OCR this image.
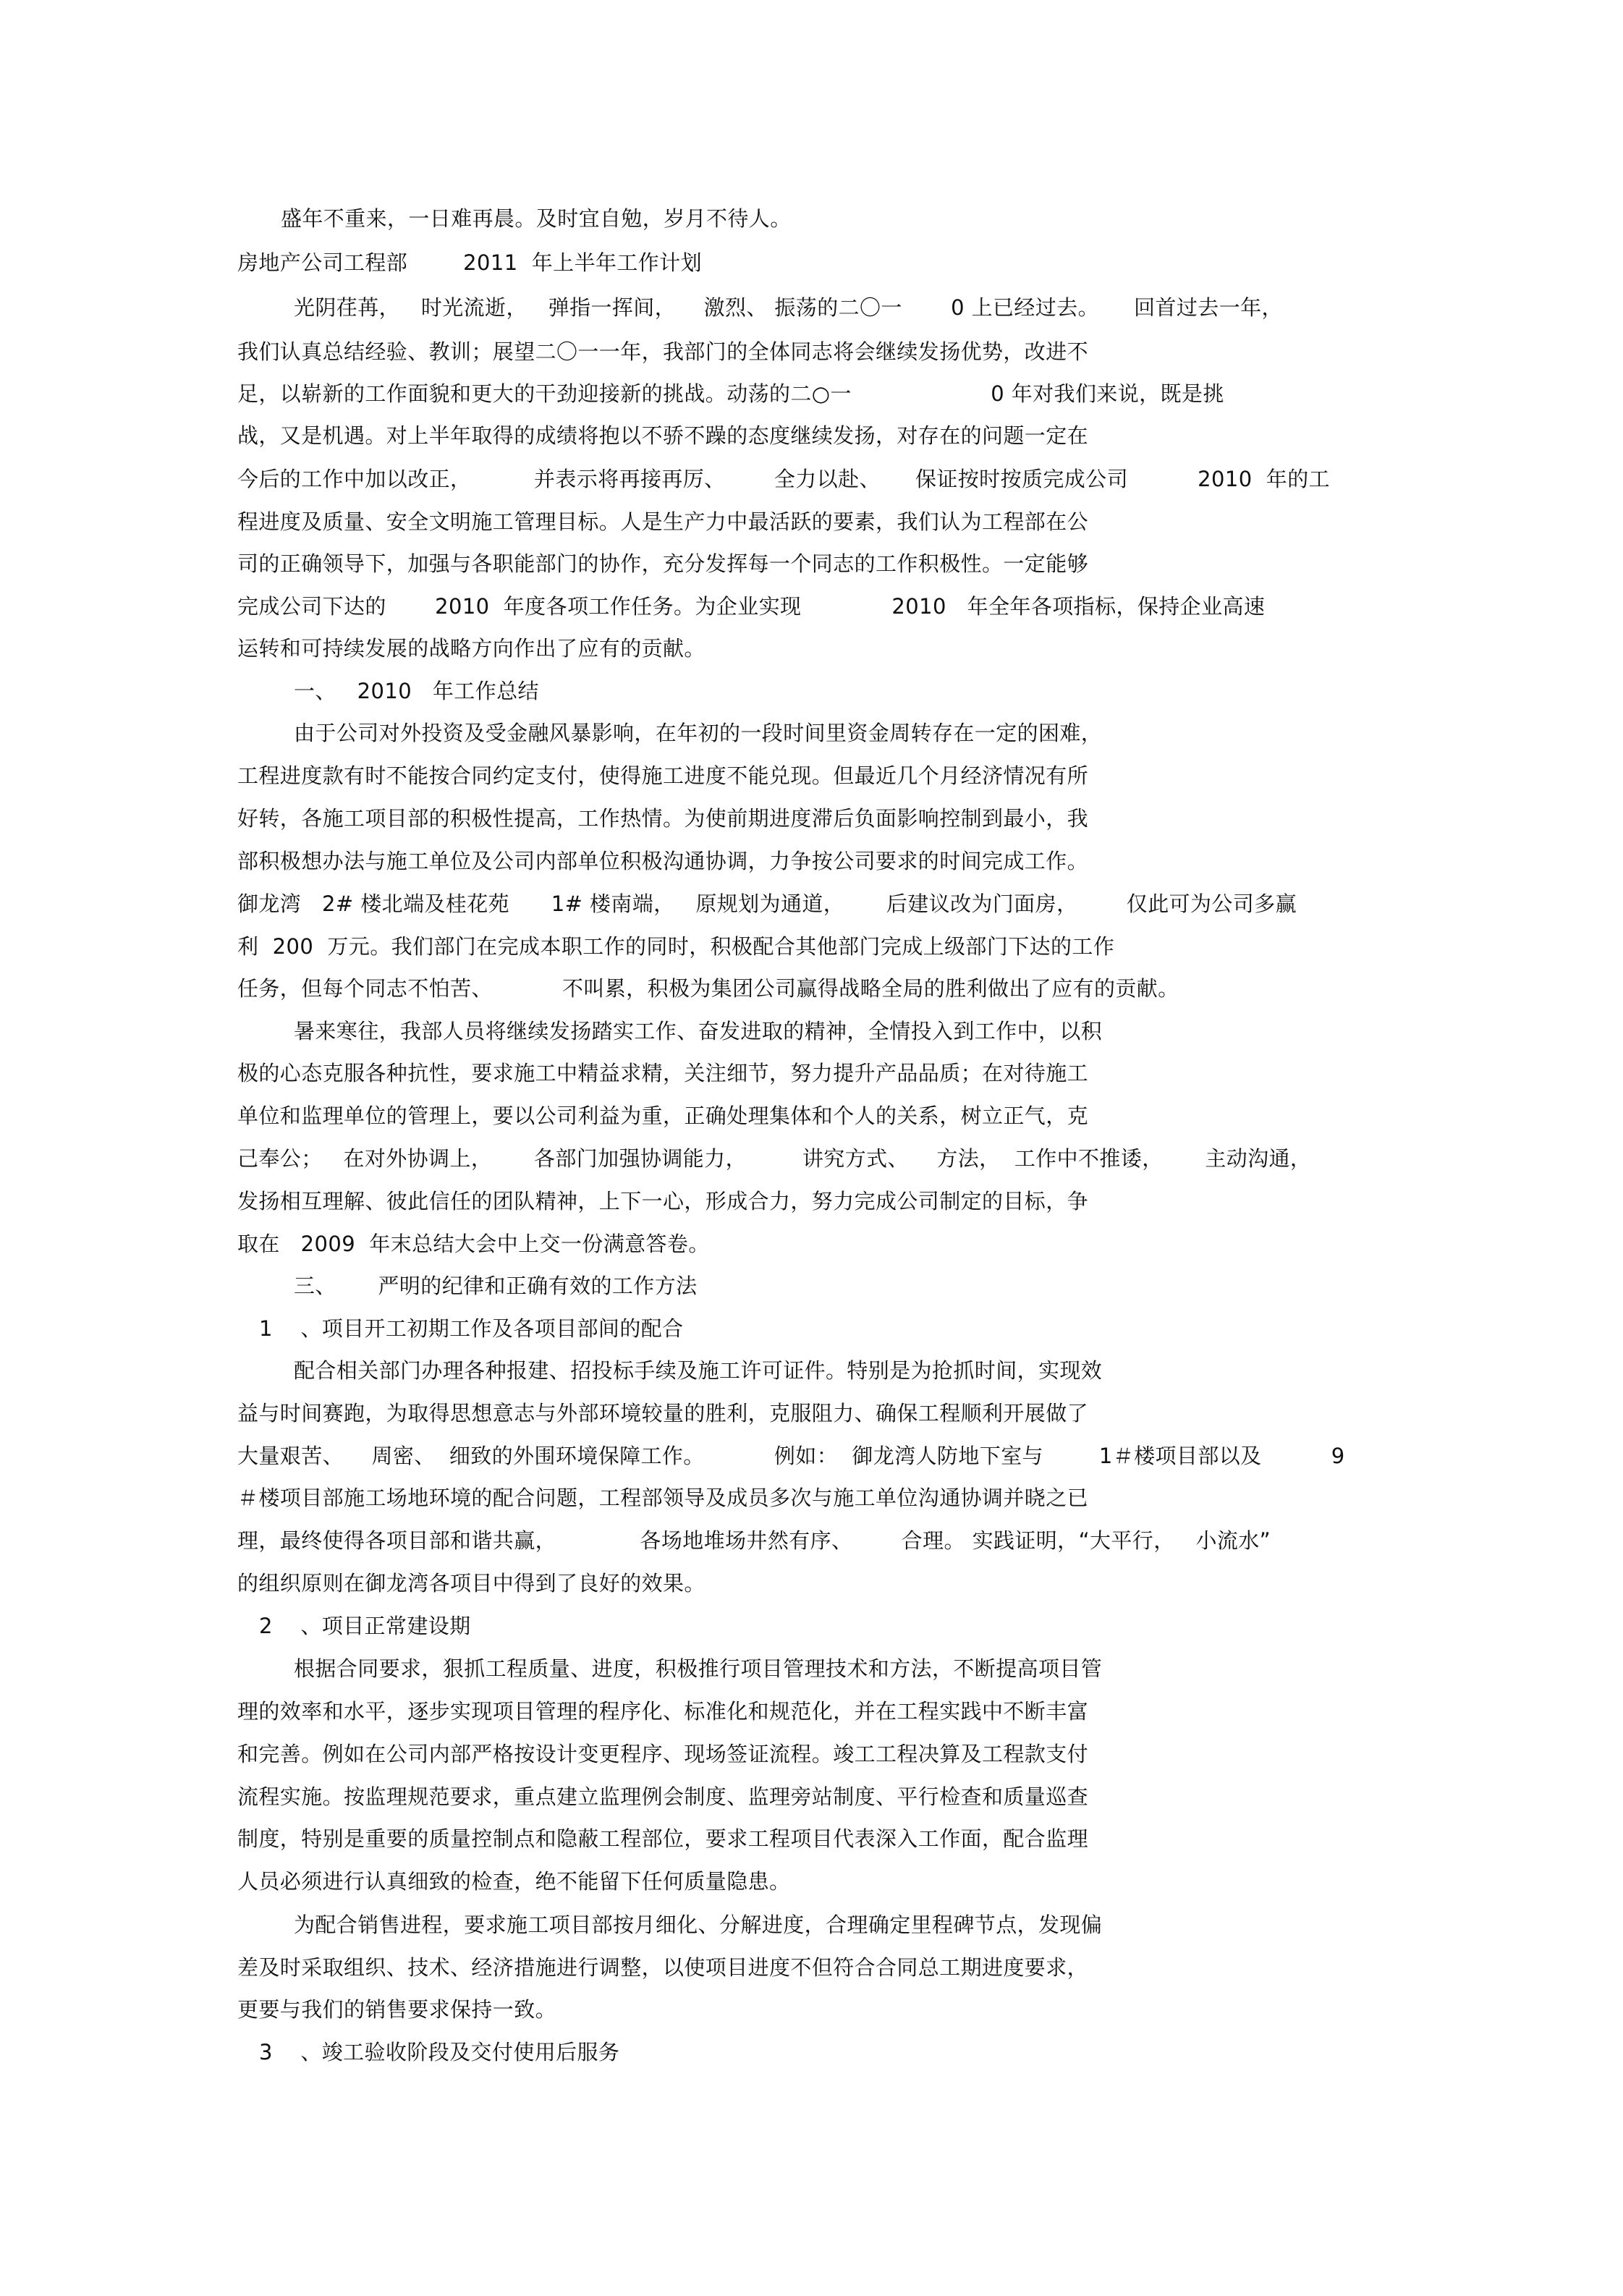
盛年不重来，一日难再晨。及时宜自勉，岁月不待人。
房地产公司工程部        2011  年上半年工作计划
光阴荏苒，   时光流逝，   弹指一挥间，    激烈、 振荡的二〇一       0 上已经过去。     回首过去一年，
我们认真总结经验、教训；展望二〇一一年，我部门的全体同志将会继续发扬优势，改进不
足，以崭新的工作面貌和更大的干劲迎接新的挑战。动荡的二○一                    0 年对我们来说，既是挑
战，又是机遇。对上半年取得的成绩将抱以不骄不躁的态度继续发扬，对存在的问题一定在
今后的工作中加以改正，         并表示将再接再厉、       全力以赴、     保证按时按质完成公司          2010  年的工
程进度及质量、安全文明施工管理目标。人是生产力中最活跃的要素，我们认为工程部在公
司的正确领导下，加强与各职能部门的协作，充分发挥每一个同志的工作积极性。一定能够
完成公司下达的       2010  年度各项工作任务。为企业实现             2010   年全年各项指标，保持企业高速
运转和可持续发展的战略方向作出了应有的贡献。
一、   2010   年工作总结
由于公司对外投资及受金融风暴影响，在年初的一段时间里资金周转存在一定的困难，
工程进度款有时不能按合同约定支付，使得施工进度不能兑现。但最近几个月经济情况有所
好转，各施工项目部的积极性提高，工作热情。为使前期进度滞后负面影响控制到最小，我
部积极想办法与施工单位及公司内部单位积极沟通协调，力争按公司要求的时间完成工作。
御龙湾   2# 楼北端及桂花苑      1# 楼南端，   原规划为通道，      后建议改为门面房，       仅此可为公司多赢
利  200  万元。我们部门在完成本职工作的同时，积极配合其他部门完成上级部门下达的工作
任务，但每个同志不怕苦、          不叫累，积极为集团公司赢得战略全局的胜利做出了应有的贡献。
暑来寒往，我部人员将继续发扬踏实工作、奋发进取的精神，全情投入到工作中，以积
极的心态克服各种抗性，要求施工中精益求精，关注细节，努力提升产品品质；在对待施工
单位和监理单位的管理上，要以公司利益为重，正确处理集体和个人的关系，树立正气，克
己奉公；   在对外协调上，      各部门加强协调能力，        讲究方式、    方法，  工作中不推诿，      主动沟通，
发扬相互理解、彼此信任的团队精神，上下一心，形成合力，努力完成公司制定的目标，争
取在   2009  年末总结大会中上交一份满意答卷。
三、      严明的纪律和正确有效的工作方法
1    、项目开工初期工作及各项目部间的配合
配合相关部门办理各种报建、招投标手续及施工许可证件。特别是为抢抓时间，实现效
益与时间赛跑，为取得思想意志与外部环境较量的胜利，克服阻力、确保工程顺利开展做了
大量艰苦、    周密、  细致的外围环境保障工作。          例如：  御龙湾人防地下室与        1＃楼项目部以及          9
＃楼项目部施工场地环境的配合问题，工程部领导及成员多次与施工单位沟通协调并晓之已
理，最终使得各项目部和谐共赢，            各场地堆场井然有序、       合理。 实践证明，“大平行，   小流水”
的组织原则在御龙湾各项目中得到了良好的效果。
2    、项目正常建设期
根据合同要求，狠抓工程质量、进度，积极推行项目管理技术和方法，不断提高项目管
理的效率和水平，逐步实现项目管理的程序化、标准化和规范化，并在工程实践中不断丰富
和完善。例如在公司内部严格按设计变更程序、现场签证流程。竣工工程决算及工程款支付
流程实施。按监理规范要求，重点建立监理例会制度、监理旁站制度、平行检查和质量巡查
制度，特别是重要的质量控制点和隐蔽工程部位，要求工程项目代表深入工作面，配合监理
人员必须进行认真细致的检查，绝不能留下任何质量隐患。
为配合销售进程，要求施工项目部按月细化、分解进度，合理确定里程碑节点，发现偏
差及时采取组织、技术、经济措施进行调整，以使项目进度不但符合合同总工期进度要求，
更要与我们的销售要求保持一致。
3    、竣工验收阶段及交付使用后服务
